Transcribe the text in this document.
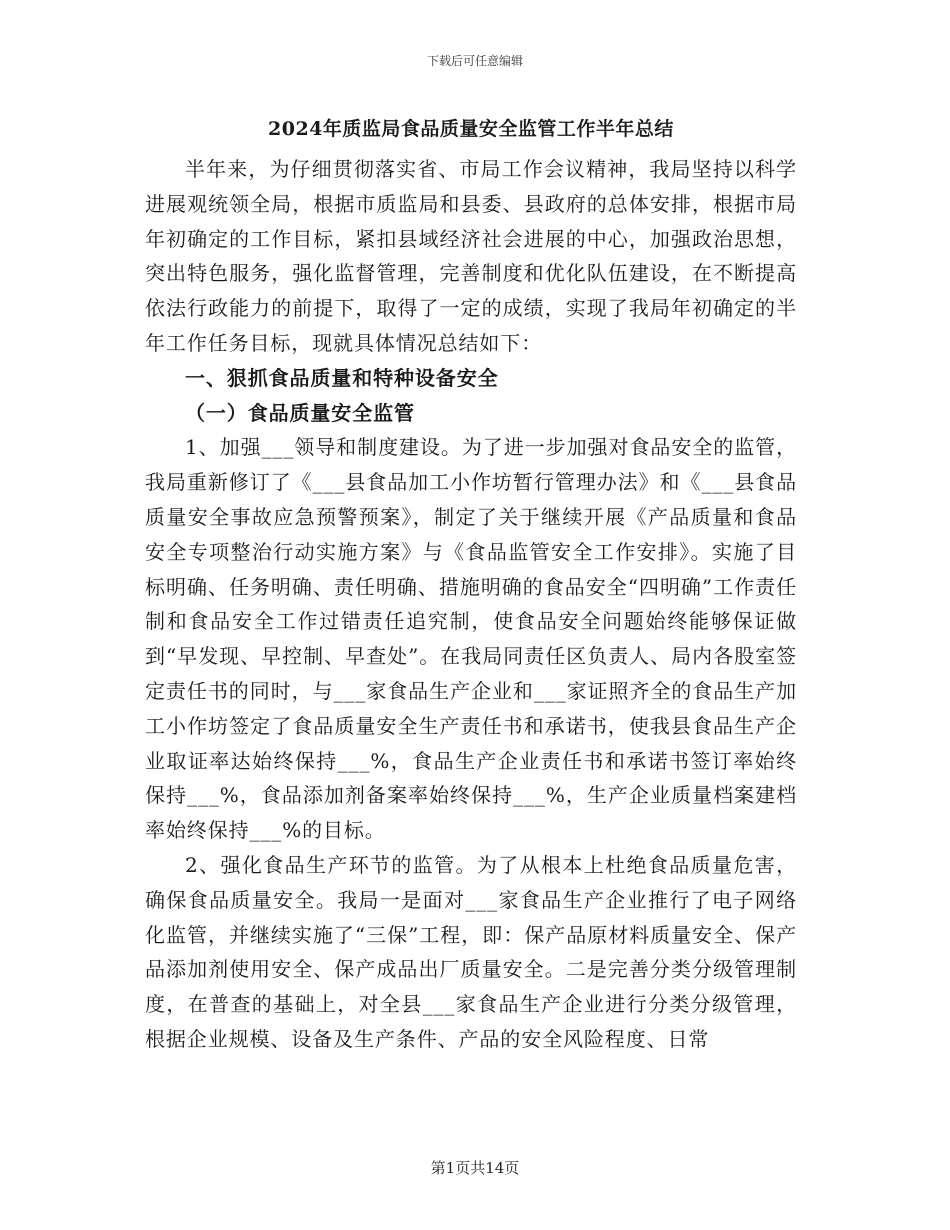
下载后可任意编辑
2024年质监局食品质量安全监管工作半年总结

半年来，为仔细贯彻落实省、市局工作会议精神，我局坚持以科学进展观统领全局，根据市质监局和县委、县政府的总体安排，根据市局年初确定的工作目标，紧扣县域经济社会进展的中心，加强政治思想，突出特色服务，强化监督管理，完善制度和优化队伍建设，在不断提高依法行政能力的前提下，取得了一定的成绩，实现了我局年初确定的半年工作任务目标，现就具体情况总结如下：

一、狠抓食品质量和特种设备安全

（一）食品质量安全监管

1、加强___领导和制度建设。为了进一步加强对食品安全的监管，我局重新修订了《___县食品加工小作坊暂行管理办法》和《___县食品质量安全事故应急预警预案》，制定了关于继续开展《产品质量和食品安全专项整治行动实施方案》与《食品监管安全工作安排》。实施了目标明确、任务明确、责任明确、措施明确的食品安全“四明确”工作责任制和食品安全工作过错责任追究制，使食品安全问题始终能够保证做到“早发现、早控制、早查处”。在我局同责任区负责人、局内各股室签定责任书的同时，与___家食品生产企业和___家证照齐全的食品生产加工小作坊签定了食品质量安全生产责任书和承诺书，使我县食品生产企业取证率达始终保持___%，食品生产企业责任书和承诺书签订率始终保持___%，食品添加剂备案率始终保持___%，生产企业质量档案建档率始终保持___%的目标。

2、强化食品生产环节的监管。为了从根本上杜绝食品质量危害，确保食品质量安全。我局一是面对___家食品生产企业推行了电子网络化监管，并继续实施了“三保”工程，即：保产品原材料质量安全、保产品添加剂使用安全、保产成品出厂质量安全。二是完善分类分级管理制度，在普查的基础上，对全县___家食品生产企业进行分类分级管理，根据企业规模、设备及生产条件、产品的安全风险程度、日常

第1页共14页
